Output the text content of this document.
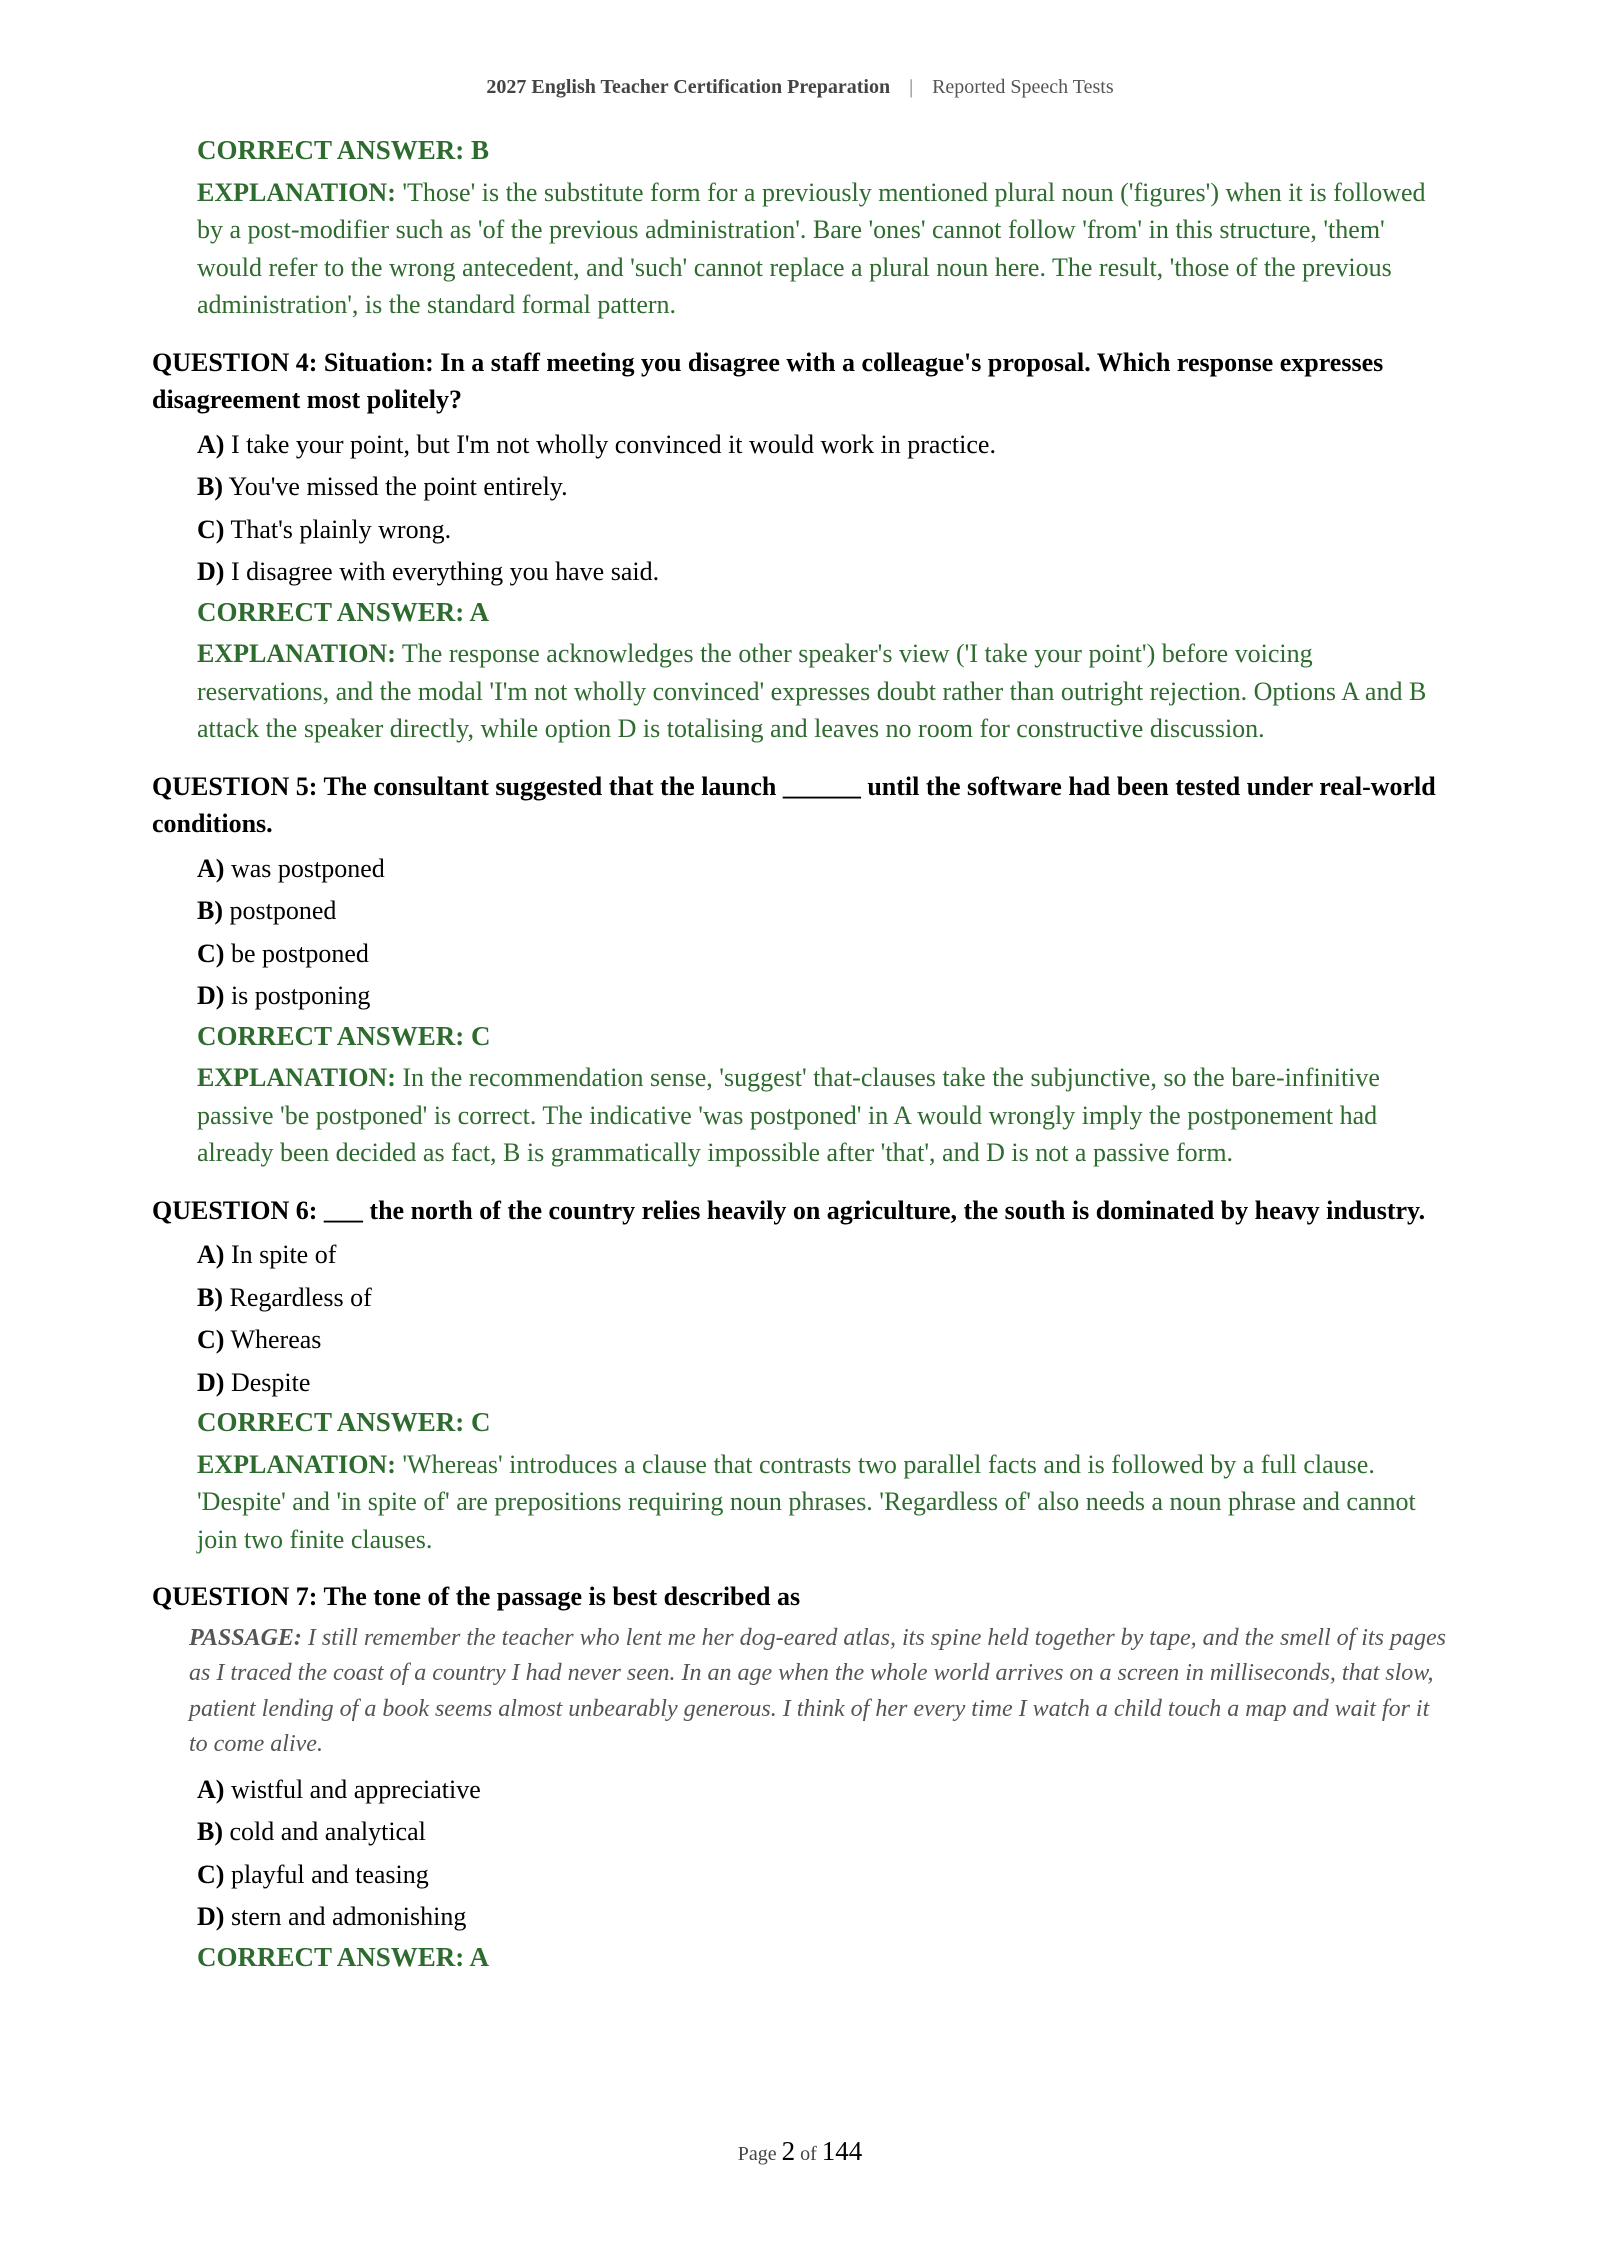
2027 English Teacher Certification Preparation | Reported Speech Tests

CORRECT ANSWER: B

EXPLANATION: 'Those' is the substitute form for a previously mentioned plural noun ('figures') when it is followed by a post-modifier such as 'of the previous administration'. Bare 'ones' cannot follow 'from' in this structure, 'them' would refer to the wrong antecedent, and 'such' cannot replace a plural noun here. The result, 'those of the previous administration', is the standard formal pattern.

QUESTION 4: Situation: In a staff meeting you disagree with a colleague's proposal. Which response expresses disagreement most politely?

A) I take your point, but I'm not wholly convinced it would work in practice.
B) You've missed the point entirely.
C) That's plainly wrong.
D) I disagree with everything you have said.

CORRECT ANSWER: A

EXPLANATION: The response acknowledges the other speaker's view ('I take your point') before voicing reservations, and the modal 'I'm not wholly convinced' expresses doubt rather than outright rejection. Options A and B attack the speaker directly, while option D is totalising and leaves no room for constructive discussion.

QUESTION 5: The consultant suggested that the launch ______ until the software had been tested under real-world conditions.

A) was postponed
B) postponed
C) be postponed
D) is postponing

CORRECT ANSWER: C

EXPLANATION: In the recommendation sense, 'suggest' that-clauses take the subjunctive, so the bare-infinitive passive 'be postponed' is correct. The indicative 'was postponed' in A would wrongly imply the postponement had already been decided as fact, B is grammatically impossible after 'that', and D is not a passive form.

QUESTION 6: ___ the north of the country relies heavily on agriculture, the south is dominated by heavy industry.

A) In spite of
B) Regardless of
C) Whereas
D) Despite

CORRECT ANSWER: C

EXPLANATION: 'Whereas' introduces a clause that contrasts two parallel facts and is followed by a full clause. 'Despite' and 'in spite of' are prepositions requiring noun phrases. 'Regardless of' also needs a noun phrase and cannot join two finite clauses.

QUESTION 7: The tone of the passage is best described as

PASSAGE: I still remember the teacher who lent me her dog-eared atlas, its spine held together by tape, and the smell of its pages as I traced the coast of a country I had never seen. In an age when the whole world arrives on a screen in milliseconds, that slow, patient lending of a book seems almost unbearably generous. I think of her every time I watch a child touch a map and wait for it to come alive.

A) wistful and appreciative
B) cold and analytical
C) playful and teasing
D) stern and admonishing

CORRECT ANSWER: A

Page 2 of 144
